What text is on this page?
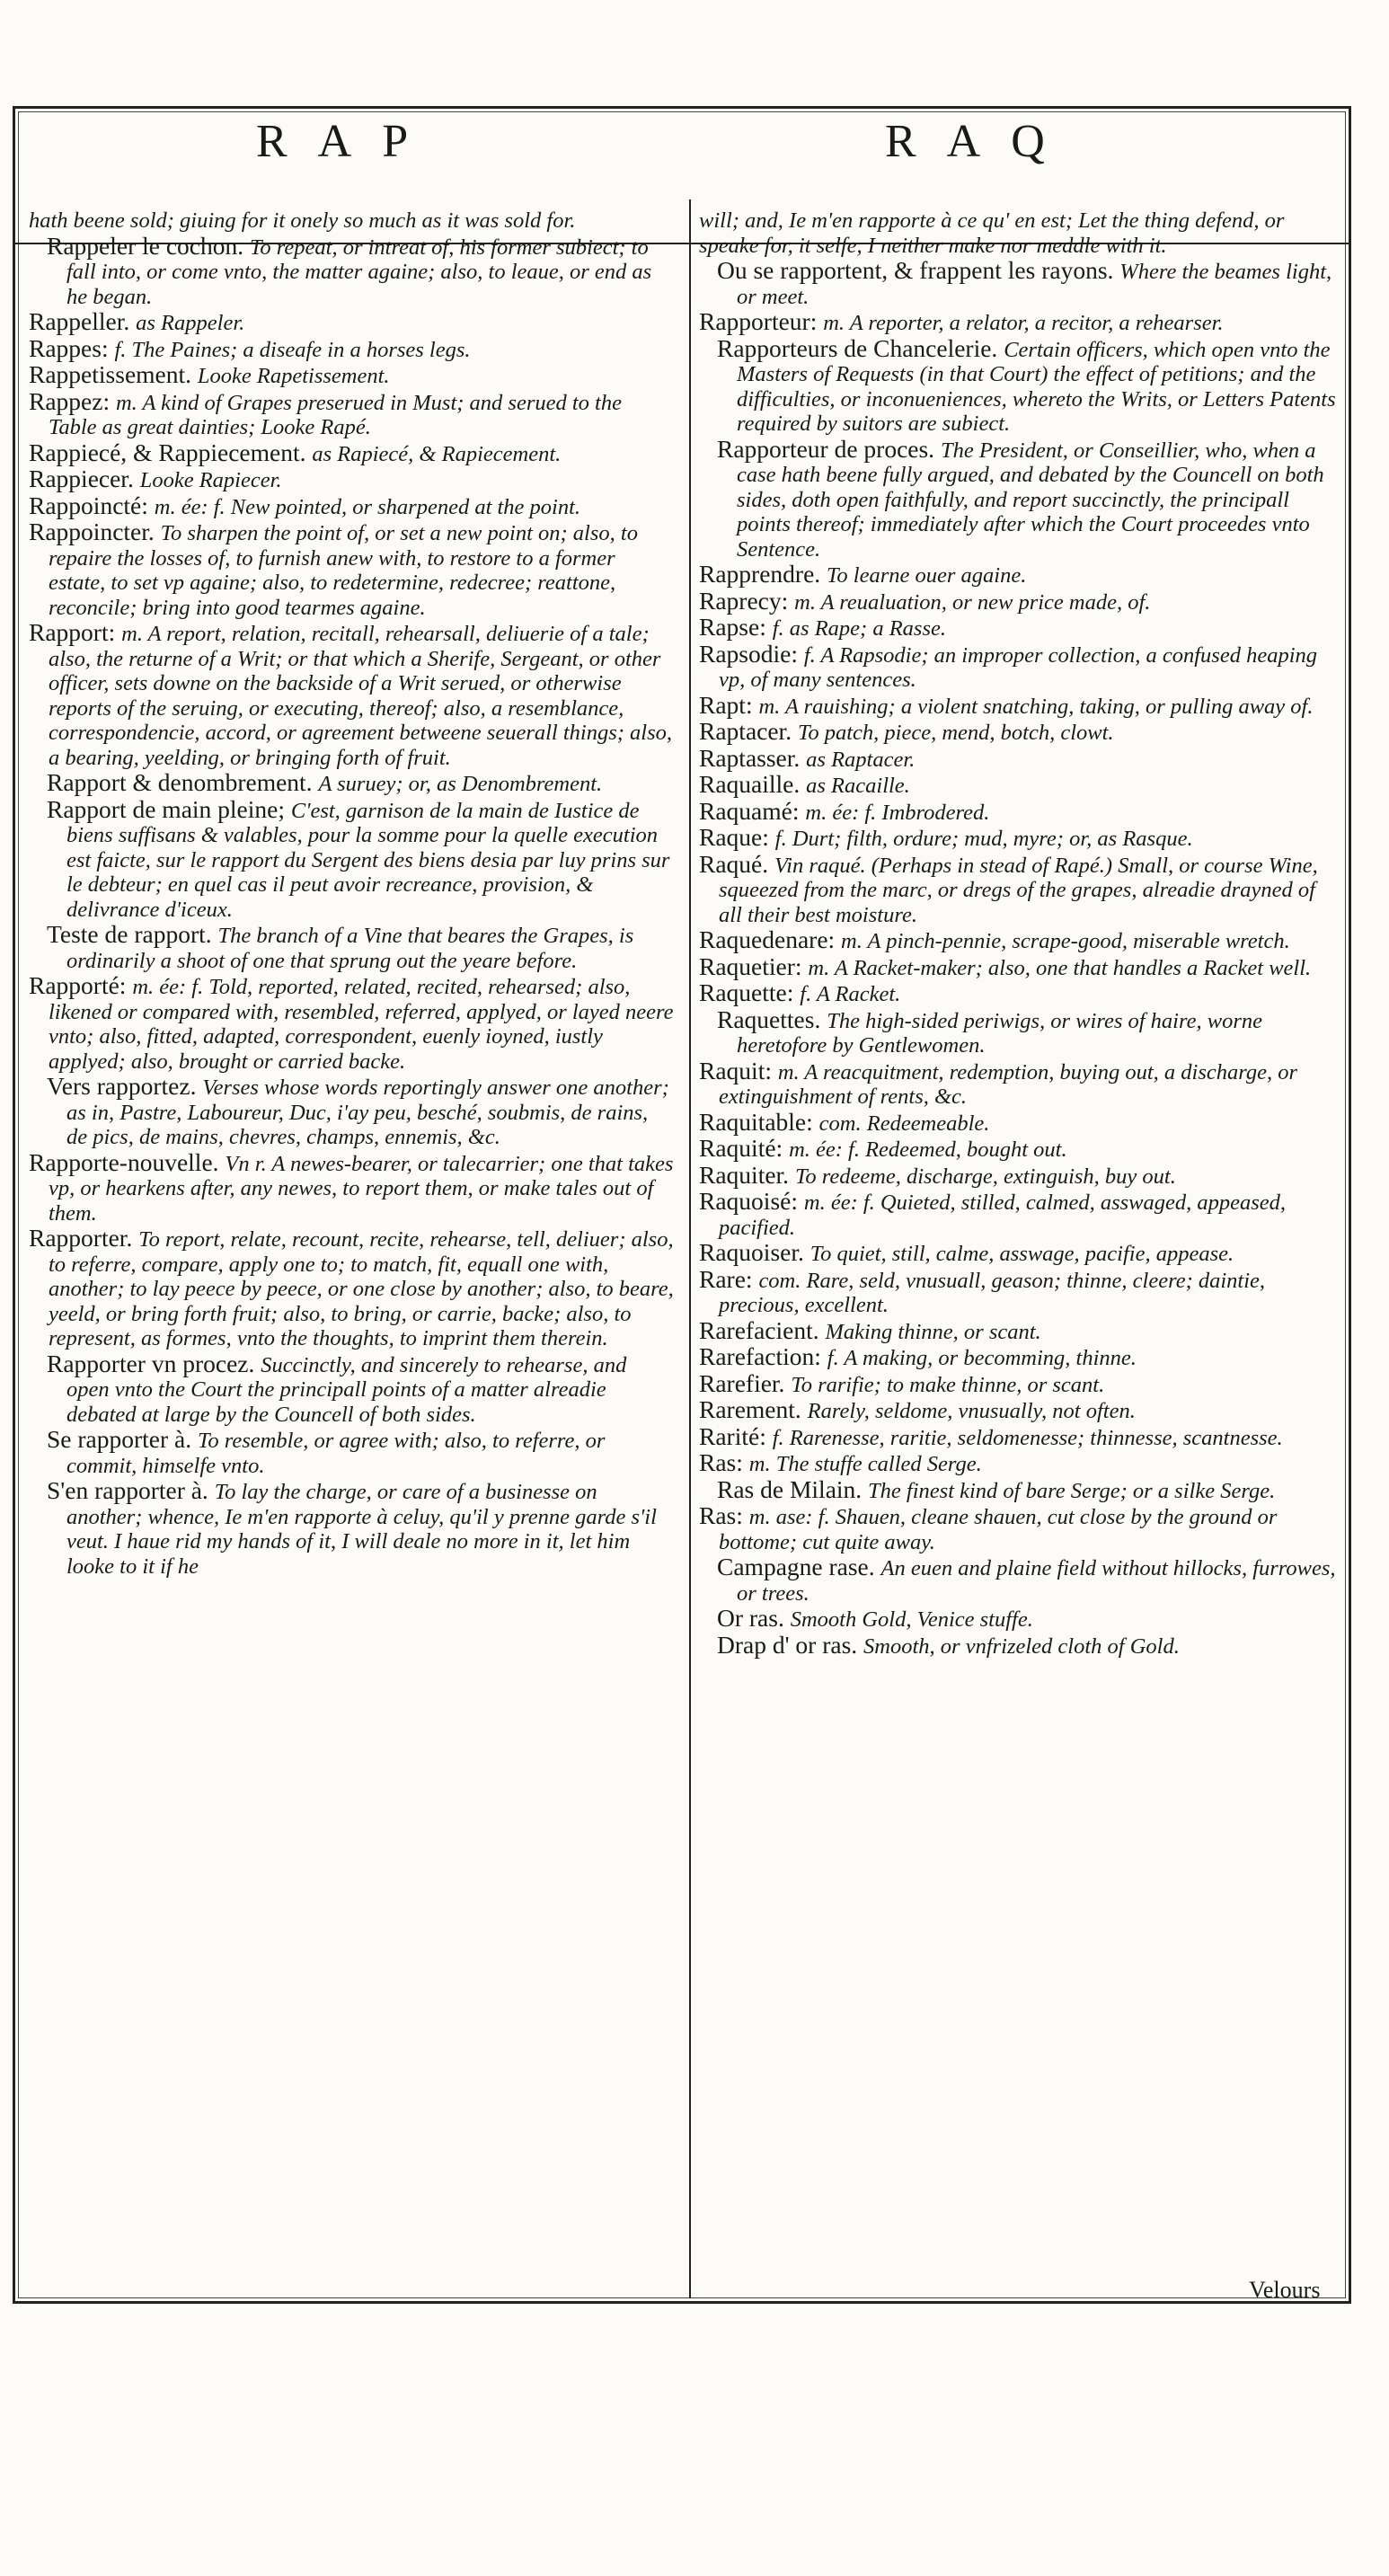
RAP	RAQ
hath beene sold; giuing for it onely so much as it was sold for.
Rappeler le cochon. To repeat, or intreat of, his former subiect; to fall into, or come vnto, the matter againe; also, to leaue, or end as he began.
Rappeller. as Rappeler.
Rappes: f. The Paines; a diseafe in a horses legs.
Rappetissement. Looke Rapetissement.
Rappez: m. A kind of Grapes preserued in Must; and serued to the Table as great dainties; Looke Rapé.
Rappiecé, & Rappiecement. as Rapiecé, & Rapiecement.
Rappiecer. Looke Rapiecer.
Rappoincté: m. ée: f. New pointed, or sharpened at the point.
Rappoincter. To sharpen the point of, or set a new point on; also, to repaire the losses of, to furnish anew with, to restore to a former estate, to set vp againe; also, to redetermine, redecree; reattone, reconcile; bring into good tearmes againe.
Rapport: m. A report, relation, recitall, rehearsall, deliuerie of a tale; also, the returne of a Writ; or that which a Sherife, Sergeant, or other officer, sets downe on the backside of a Writ serued, or otherwise reports of the seruing, or executing, thereof; also, a resemblance, correspondencie, accord, or agreement betweene seuerall things; also, a bearing, yeelding, or bringing forth of fruit.
Rapport & denombrement. A suruey; or, as Denombrement.
Rapport de main pleine; C'est, garnison de la main de Iustice de biens suffisans & valables, pour la somme pour la quelle execution est faicte, sur le rapport du Sergent des biens desia par luy prins sur le debteur; en quel cas il peut avoir recreance, provision, & delivrance d'iceux.
Teste de rapport. The branch of a Vine that beares the Grapes, is ordinarily a shoot of one that sprung out the yeare before.
Rapporté: m. ée: f. Told, reported, related, recited, rehearsed; also, likened or compared with, resembled, referred, applyed, or layed neere vnto; also, fitted, adapted, correspondent, euenly ioyned, iustly applyed; also, brought or carried backe.
Vers rapportez. Verses whose words reportingly answer one another; as in, Pastre, Laboureur, Duc, i'ay peu, besché, soubmis, de rains, de pics, de mains, chevres, champs, ennemis, &c.
Rapporte-nouvelle. Vn r. A newes-bearer, or talecarrier; one that takes vp, or hearkens after, any newes, to report them, or make tales out of them.
Rapporter. To report, relate, recount, recite, rehearse, tell, deliuer; also, to referre, compare, apply one to; to match, fit, equall one with, another; to lay peece by peece, or one close by another; also, to beare, yeeld, or bring forth fruit; also, to bring, or carrie, backe; also, to represent, as formes, vnto the thoughts, to imprint them therein.
Rapporter vn procez. Succinctly, and sincerely to rehearse, and open vnto the Court the principall points of a matter alreadie debated at large by the Councell of both sides.
Se rapporter à. To resemble, or agree with; also, to referre, or commit, himselfe vnto.
S'en rapporter à. To lay the charge, or care of a businesse on another; whence, Ie m'en rapporte à celuy, qu'il y prenne garde s'il veut. I haue rid my hands of it, I will deale no more in it, let him looke to it if he
will; and, Ie m'en rapporte à ce qu' en est; Let the thing defend, or speake for, it selfe, I neither make nor meddle with it.
Ou se rapportent, & frappent les rayons. Where the beames light, or meet.
Rapporteur: m. A reporter, a relator, a recitor, a rehearser.
Rapporteurs de Chancelerie. Certain officers, which open vnto the Masters of Requests (in that Court) the effect of petitions; and the difficulties, or inconueniences, whereto the Writs, or Letters Patents required by suitors are subiect.
Rapporteur de proces. The President, or Conseillier, who, when a case hath beene fully argued, and debated by the Councell on both sides, doth open faithfully, and report succinctly, the principall points thereof; immediately after which the Court proceedes vnto Sentence.
Rapprendre. To learne ouer againe.
Raprecy: m. A reualuation, or new price made, of.
Rapse: f. as Rape; a Rasse.
Rapsodie: f. A Rapsodie; an improper collection, a confused heaping vp, of many sentences.
Rapt: m. A rauishing; a violent snatching, taking, or pulling away of.
Raptacer. To patch, piece, mend, botch, clowt.
Raptasser. as Raptacer.
Raquaille. as Racaille.
Raquamé: m. ée: f. Imbrodered.
Raque: f. Durt; filth, ordure; mud, myre; or, as Rasque.
Raqué. Vin raqué. (Perhaps in stead of Rapé.) Small, or course Wine, squeezed from the marc, or dregs of the grapes, alreadie drayned of all their best moisture.
Raquedenare: m. A pinch-pennie, scrape-good, miserable wretch.
Raquetier: m. A Racket-maker; also, one that handles a Racket well.
Raquette: f. A Racket.
Raquettes. The high-sided periwigs, or wires of haire, worne heretofore by Gentlewomen.
Raquit: m. A reacquitment, redemption, buying out, a discharge, or extinguishment of rents, &c.
Raquitable: com. Redeemeable.
Raquité: m. ée: f. Redeemed, bought out.
Raquiter. To redeeme, discharge, extinguish, buy out.
Raquoisé: m. ée: f. Quieted, stilled, calmed, asswaged, appeased, pacified.
Raquoiser. To quiet, still, calme, asswage, pacifie, appease.
Rare: com. Rare, seld, vnusuall, geason; thinne, cleere; daintie, precious, excellent.
Rarefacient. Making thinne, or scant.
Rarefaction: f. A making, or becomming, thinne.
Rarefier. To rarifie; to make thinne, or scant.
Rarement. Rarely, seldome, vnusually, not often.
Rarité: f. Rarenesse, raritie, seldomenesse; thinnesse, scantnesse.
Ras: m. The stuffe called Serge.
Ras de Milain. The finest kind of bare Serge; or a silke Serge.
Ras: m. ase: f. Shauen, cleane shauen, cut close by the ground or bottome; cut quite away.
Campagne rase. An euen and plaine field without hillocks, furrowes, or trees.
Or ras. Smooth Gold, Venice stuffe.
Drap d' or ras. Smooth, or vnfrizeled cloth of Gold.
Velours
